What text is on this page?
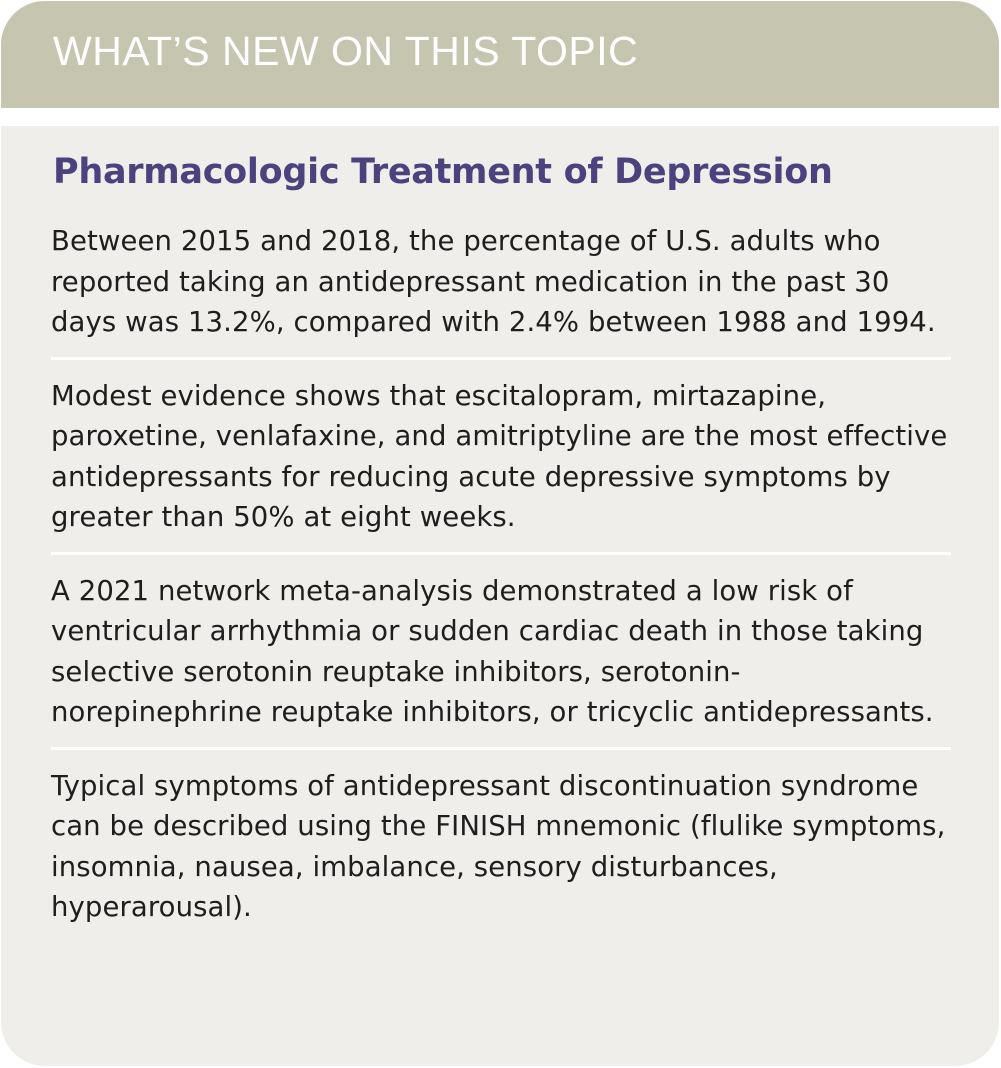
WHAT’S NEW ON THIS TOPIC
Pharmacologic Treatment of Depression

Between 2015 and 2018, the percentage of U.S. adults who reported taking an antidepressant medication in the past 30 days was 13.2%, compared with 2.4% between 1988 and 1994.

Modest evidence shows that escitalopram, mirtazapine, paroxetine, venlafaxine, and amitriptyline are the most effective antidepressants for reducing acute depressive symptoms by greater than 50% at eight weeks.

A 2021 network meta-analysis demonstrated a low risk of ventricular arrhythmia or sudden cardiac death in those taking selective serotonin reuptake inhibitors, serotonin-norepinephrine reuptake inhibitors, or tricyclic antidepressants.

Typical symptoms of antidepressant discontinuation syndrome can be described using the FINISH mnemonic (flulike symptoms, insomnia, nausea, imbalance, sensory disturbances, hyperarousal).
